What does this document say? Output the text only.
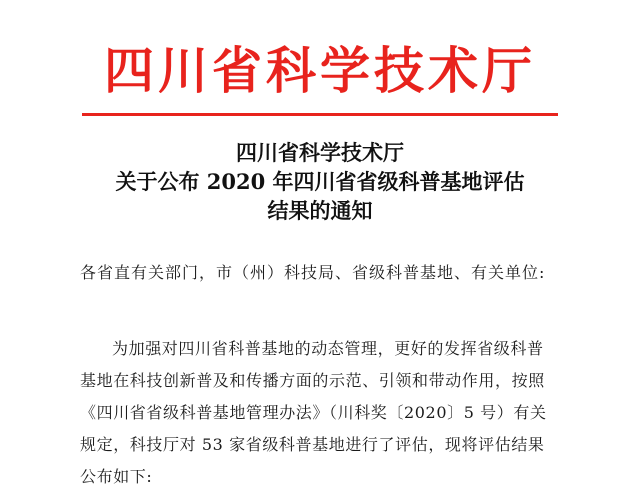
四川省科学技术厅
四川省科学技术厅
关于公布 2020 年四川省省级科普基地评估
结果的通知
各省直有关部门，市（州）科技局、省级科普基地、有关单位:
为加强对四川省科普基地的动态管理，更好的发挥省级科普基地在科技创新普及和传播方面的示范、引领和带动作用，按照《四川省省级科普基地管理办法》（川科奖〔2020〕5 号）有关规定，科技厅对 53 家省级科普基地进行了评估，现将评估结果公布如下:
